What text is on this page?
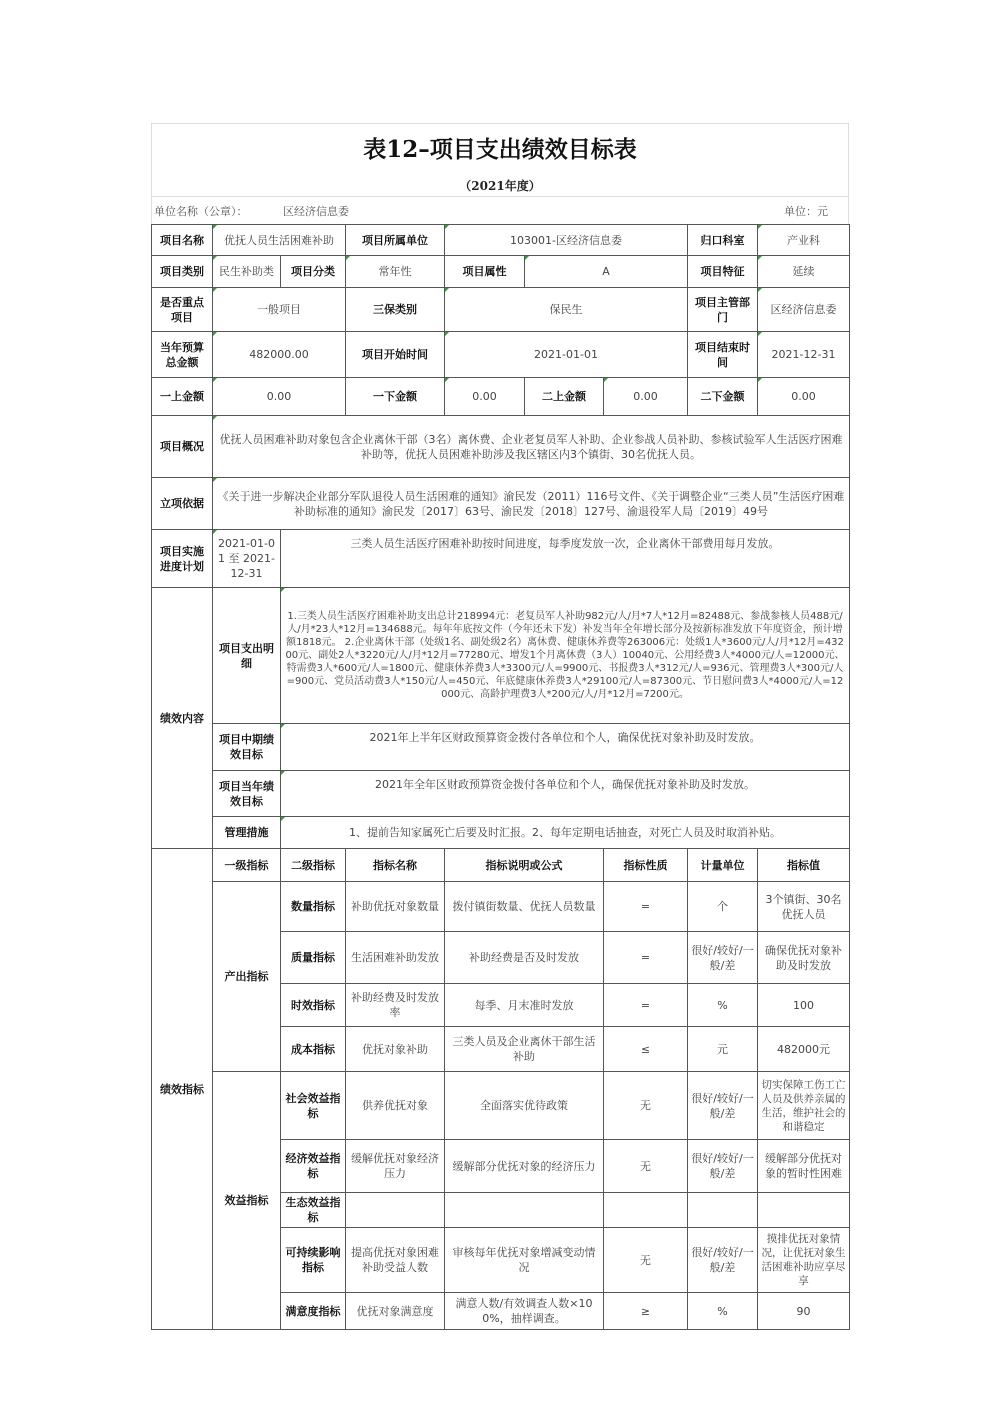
表12–项目支出绩效目标表
（2021年度）
单位名称（公章）：	区经济信息委	单位：元
项目名称	优抚人员生活困难补助		项目所属单位	103001-区经济信息委			归口科室	产业科
项目类别	民生补助类	项目分类	常年性	项目属性	A		项目特征	延续
是否重点项目	一般项目		三保类别	保民生			项目主管部门	区经济信息委
当年预算总金额	482000.00		项目开始时间	2021-01-01			项目结束时间	2021-12-31
一上金额	0.00		一下金额	0.00	二上金额	0.00	二下金额	0.00
项目概况	优抚人员困难补助对象包含企业离休干部（3名）离休费、企业老复员军人补助、企业参战人员补助、参核试验军人生活医疗困难补助等，优抚人员困难补助涉及我区辖区内3个镇街、30名优抚人员。							
立项依据	《关于进一步解决企业部分军队退役人员生活困难的通知》渝民发（2011）116号文件、《关于调整企业“三类人员”生活医疗困难补助标准的通知》渝民发〔2017〕63号、渝民发〔2018〕127号、渝退役军人局〔2019〕49号							
项目实施进度计划	2021-01-01 至 2021-12-31	三类人员生活医疗困难补助按时间进度，每季度发放一次，企业离休干部费用每月发放。						
绩效内容	项目支出明细	1.三类人员生活医疗困难补助支出总计218994元：老复员军人补助982元/人/月*7人*12月=82488元、参战参核人员488元/人/月*23人*12月=134688元。每年年底按文件（今年还未下发）补发当年全年增长部分及按新标准发放下年度资金，预计增额1818元。 2.企业离休干部（处级1名、副处级2名）离休费、健康休养费等263006元：处级1人*3600元/人/月*12月=43200元、副处2人*3220元/人/月*12月=77280元、增发1个月离休费（3人）10040元、公用经费3人*4000元/人=12000元、特需费3人*600元/人=1800元、健康休养费3人*3300元/人=9900元、书报费3人*312元/人=936元、管理费3人*300元/人=900元、党员活动费3人*150元/人=450元、年底健康休养费3人*29100元/人=87300元、节日慰问费3人*4000元/人=12000元、高龄护理费3人*200元/人/月*12月=7200元。						
	项目中期绩效目标	2021年上半年区财政预算资金拨付各单位和个人，确保优抚对象补助及时发放。						
	项目当年绩效目标	2021年全年区财政预算资金拨付各单位和个人，确保优抚对象补助及时发放。						
	管理措施	1、提前告知家属死亡后要及时汇报。2、每年定期电话抽查，对死亡人员及时取消补贴。						
绩效指标	一级指标	二级指标	指标名称	指标说明或公式		指标性质	计量单位	指标值
	产出指标	数量指标	补助优抚对象数量	拨付镇街数量、优抚人员数量		=	个	3个镇街、30名优抚人员
		质量指标	生活困难补助发放	补助经费是否及时发放		=	很好/较好/一般/差	确保优抚对象补助及时发放
		时效指标	补助经费及时发放率	每季、月末准时发放		=	%	100
		成本指标	优抚对象补助	三类人员及企业离休干部生活补助		≤	元	482000元
	效益指标	社会效益指标	供养优抚对象	全面落实优待政策		无	很好/较好/一般/差	切实保障工伤工亡人员及供养亲属的生活，维护社会的和谐稳定
		经济效益指标	缓解优抚对象经济压力	缓解部分优抚对象的经济压力		无	很好/较好/一般/差	缓解部分优抚对象的暂时性困难
		生态效益指标						
		可持续影响指标	提高优抚对象困难补助受益人数	审核每年优抚对象增减变动情况		无	很好/较好/一般/差	摸排优抚对象情况，让优抚对象生活困难补助应享尽享
		满意度指标	优抚对象满意度	满意人数/有效调查人数×100%，抽样调查。		≥	%	90
